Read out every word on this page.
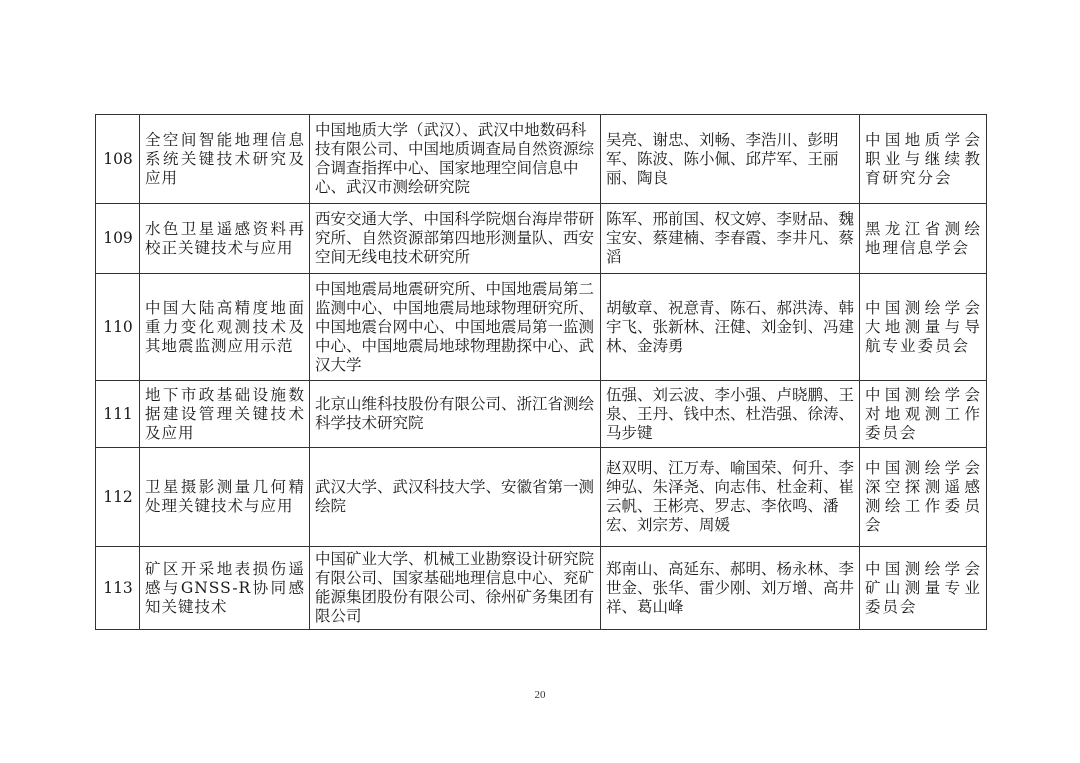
108	全空间智能地理信息系统关键技术研究及应用	中国地质大学（武汉）、武汉中地数码科技有限公司、中国地质调查局自然资源综合调查指挥中心、国家地理空间信息中心、武汉市测绘研究院	吴亮、谢忠、刘畅、李浩川、彭明军、陈波、陈小佩、邱芹军、王丽丽、陶良	中国地质学会职业与继续教育研究分会
109	水色卫星遥感资料再校正关键技术与应用	西安交通大学、中国科学院烟台海岸带研究所、自然资源部第四地形测量队、西安空间无线电技术研究所	陈军、邢前国、权文婷、李财品、魏宝安、蔡建楠、李春霞、李井凡、蔡滔	黑龙江省测绘地理信息学会
110	中国大陆高精度地面重力变化观测技术及其地震监测应用示范	中国地震局地震研究所、中国地震局第二监测中心、中国地震局地球物理研究所、中国地震台网中心、中国地震局第一监测中心、中国地震局地球物理勘探中心、武汉大学	胡敏章、祝意青、陈石、郝洪涛、韩宇飞、张新林、汪健、刘金钊、冯建林、金涛勇	中国测绘学会大地测量与导航专业委员会
111	地下市政基础设施数据建设管理关键技术及应用	北京山维科技股份有限公司、浙江省测绘科学技术研究院	伍强、刘云波、李小强、卢晓鹏、王泉、王丹、钱中杰、杜浩强、徐涛、马步键	中国测绘学会对地观测工作委员会
112	卫星摄影测量几何精处理关键技术与应用	武汉大学、武汉科技大学、安徽省第一测绘院	赵双明、江万寿、喻国荣、何升、李绅弘、朱泽尧、向志伟、杜金莉、崔云帆、王彬亮、罗志、李依鸣、潘宏、刘宗芳、周媛	中国测绘学会深空探测遥感测绘工作委员会
113	矿区开采地表损伤遥感与GNSS-R协同感知关键技术	中国矿业大学、机械工业勘察设计研究院有限公司、国家基础地理信息中心、兖矿能源集团股份有限公司、徐州矿务集团有限公司	郑南山、高延东、郝明、杨永林、李世金、张华、雷少刚、刘万增、高井祥、葛山峰	中国测绘学会矿山测量专业委员会
20
